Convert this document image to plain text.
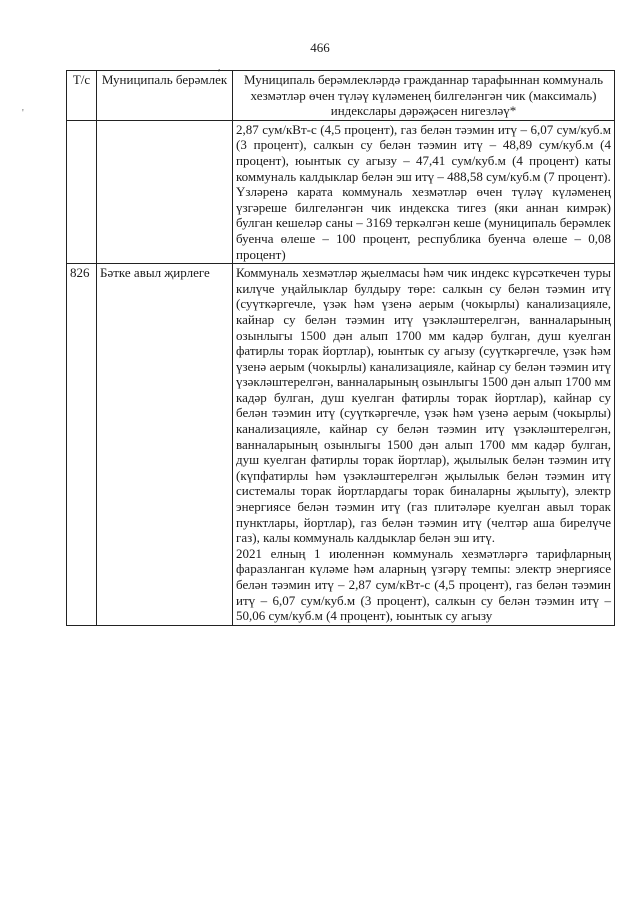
466
,
'
Т/с	Муниципаль берәмлек	Муниципаль берәмлекләрдә гражданнар тарафыннан коммуналь хезмәтләр өчен түләү күләменең билгеләнгән чик (максималь) индекслары дәрәҗәсен нигезләү*

		2,87 сум/кВт-с (4,5 процент), газ белән тәэмин итү – 6,07 сум/куб.м (3 процент), салкын су белән тәэмин итү – 48,89 сум/куб.м (4 процент), юынтык су агызу – 47,41 сум/куб.м (4 процент) каты коммуналь калдыклар белән эш итү – 488,58 сум/куб.м (7 процент).

Үзләренә карата коммуналь хезмәтләр өчен түләү күләменең үзгәреше билгеләнгән чик индекска тигез (яки аннан кимрәк) булган кешеләр саны – 3169 теркәлгән кеше (муниципаль берәмлек буенча өлеше – 100 процент, республика буенча өлеше – 0,08 процент)

826	Бәтке авыл җирлеге	Коммуналь хезмәтләр җыелмасы һәм чик индекс күрсәткечен туры килүче уңайлыклар булдыру төре: салкын су белән тәэмин итү (суүткәргечле, үзәк һәм үзенә аерым (чокырлы) канализацияле, кайнар су белән тәэмин итү үзәкләштерелгән, ванналарының озынлыгы 1500 дән алып 1700 мм кадәр булган, душ куелган фатирлы торак йортлар), юынтык су агызу (суүткәргечле, үзәк һәм үзенә аерым (чокырлы) канализацияле, кайнар су белән тәэмин итү үзәкләштерелгән, ванналарының озынлыгы 1500 дән алып 1700 мм кадәр булган, душ куелган фатирлы торак йортлар), кайнар су белән тәэмин итү (суүткәргечле, үзәк һәм үзенә аерым (чокырлы) канализацияле, кайнар су белән тәэмин итү үзәкләштерелгән, ванналарының озынлыгы 1500 дән алып 1700 мм кадәр булган, душ куелган фатирлы торак йортлар), җылылык белән тәэмин итү (күпфатирлы һәм үзәкләштерелгән җылылык белән тәэмин итү системалы торак йортлардагы торак биналарны җылыту), электр энергиясе белән тәэмин итү (газ плитәләре куелган авыл торак пунктлары, йортлар), газ белән тәэмин итү (челтәр аша бирелүче газ), калы коммуналь калдыклар белән эш итү.

2021 елның 1 июленнән коммуналь хезмәтләргә тарифларның фаразланган күләме һәм аларның үзгәрү темпы: электр энергиясе белән тәэмин итү – 2,87 сум/кВт-с (4,5 процент), газ белән тәэмин итү – 6,07 сум/куб.м (3 процент), салкын су белән тәэмин итү – 50,06 сум/куб.м (4 процент), юынтык су агызу
